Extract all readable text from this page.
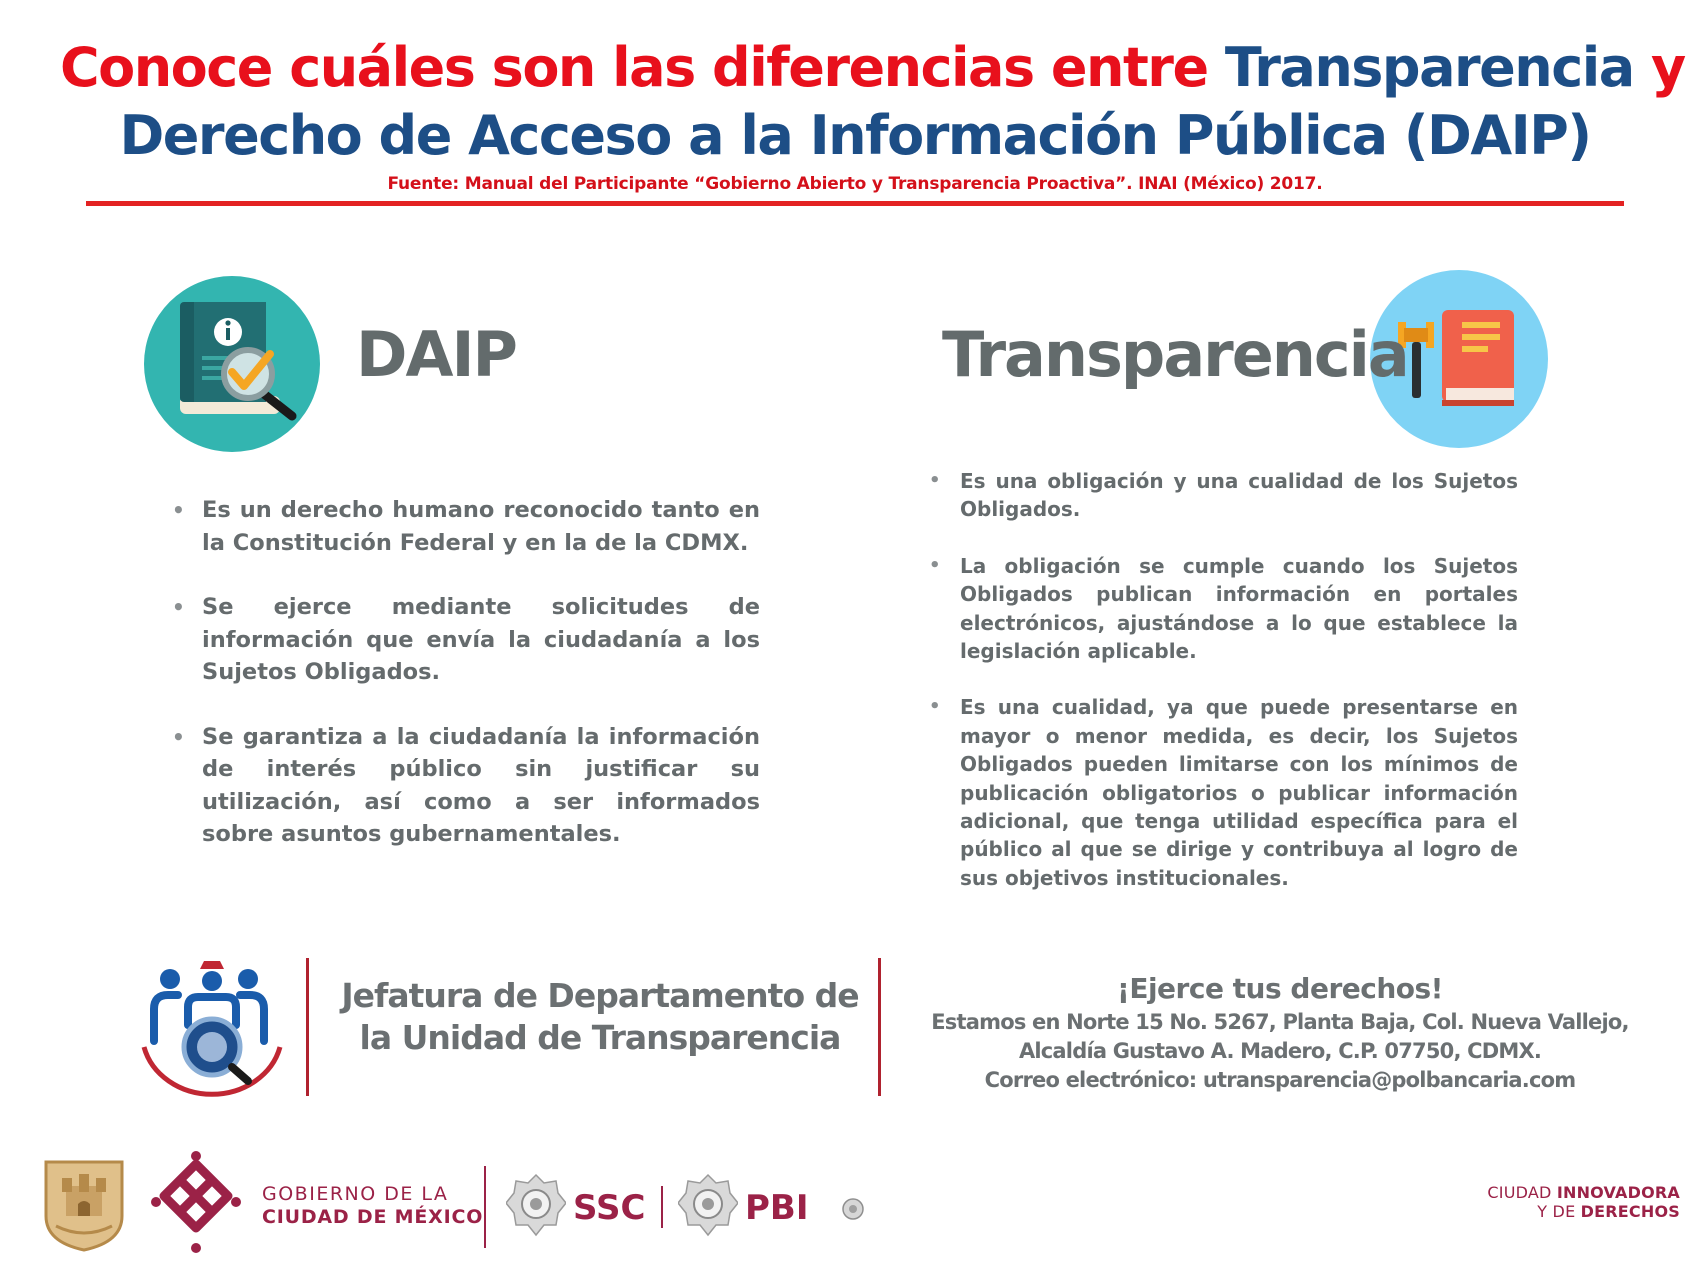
Conoce cuáles son las diferencias entre Transparencia y
Derecho de Acceso a la Información Pública (DAIP)
Fuente: Manual del Participante “Gobierno Abierto y Transparencia Proactiva”. INAI (México) 2017.
DAIP	Transparencia
• Es un derecho humano reconocido tanto en la Constitución Federal y en la de la CDMX.
• Se ejerce mediante solicitudes de información que envía la ciudadanía a los Sujetos Obligados.
• Se garantiza a la ciudadanía la información de interés público sin justificar su utilización, así como a ser informados sobre asuntos gubernamentales.
• Es una obligación y una cualidad de los Sujetos Obligados.
• La obligación se cumple cuando los Sujetos Obligados publican información en portales electrónicos, ajustándose a lo que establece la legislación aplicable.
• Es una cualidad, ya que puede presentarse en mayor o menor medida, es decir, los Sujetos Obligados pueden limitarse con los mínimos de publicación obligatorios o publicar información adicional, que tenga utilidad específica para el público al que se dirige y contribuya al logro de sus objetivos institucionales.
Jefatura de Departamento de
la Unidad de Transparencia
¡Ejerce tus derechos!
Estamos en Norte 15 No. 5267, Planta Baja, Col. Nueva Vallejo,
Alcaldía Gustavo A. Madero, C.P. 07750, CDMX.
Correo electrónico: utransparencia@polbancaria.com
GOBIERNO DE LA
CIUDAD DE MÉXICO	SSC	PBI	CIUDAD INNOVADORA
Y DE DERECHOS
